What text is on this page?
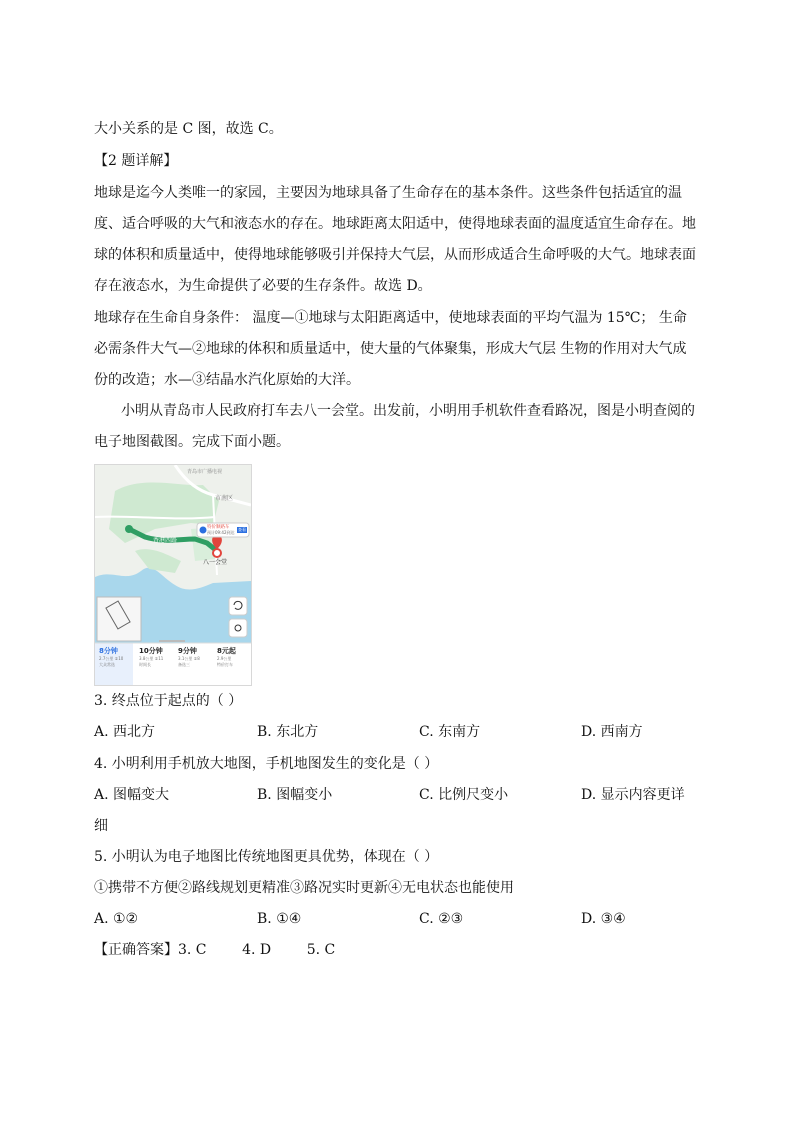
大小关系的是 C 图，故选 C。
【2 题详解】
地球是迄今人类唯一的家园，主要因为地球具备了生命存在的基本条件。这些条件包括适宜的温
度、适合呼吸的大气和液态水的存在。地球距离太阳适中，使得地球表面的温度适宜生命存在。地
球的体积和质量适中，使得地球能够吸引并保持大气层，从而形成适合生命呼吸的大气。地球表面
存在液态水，为生命提供了必要的生存条件。故选 D。
地球存在生命自身条件： 温度—①地球与太阳距离适中，使地球表面的平均气温为 15℃； 生命
必需条件大气—②地球的体积和质量适中，使大量的气体聚集，形成大气层 生物的作用对大气成
份的改造；水—③结晶水汽化原始的大洋。
小明从青岛市人民政府打车去八一会堂。出发前，小明用手机软件查看路况，图是小明查阅的
电子地图截图。完成下面小题。
青岛市广播电视
市南区
香港西路
特价顺路车
预计09:42到达
查看
八一会堂
8分钟
2.7公里 ①10
大众常选
10分钟
3.8公里 ①11
时间长
9分钟
3.1公里 ①8
备选三
8元起
2.9公里
特价打车
3. 终点位于起点的（ ）
A. 西北方	B. 东北方	C. 东南方	D. 西南方
4. 小明利用手机放大地图，手机地图发生的变化是（ ）
A. 图幅变大	B. 图幅变小	C. 比例尺变小	D. 显示内容更详
细
5. 小明认为电子地图比传统地图更具优势，体现在（ ）
①携带不方便②路线规划更精准③路况实时更新④无电状态也能使用
A. ①②	B. ①④	C. ②③	D. ③④
【正确答案】3. C        4. D        5. C
